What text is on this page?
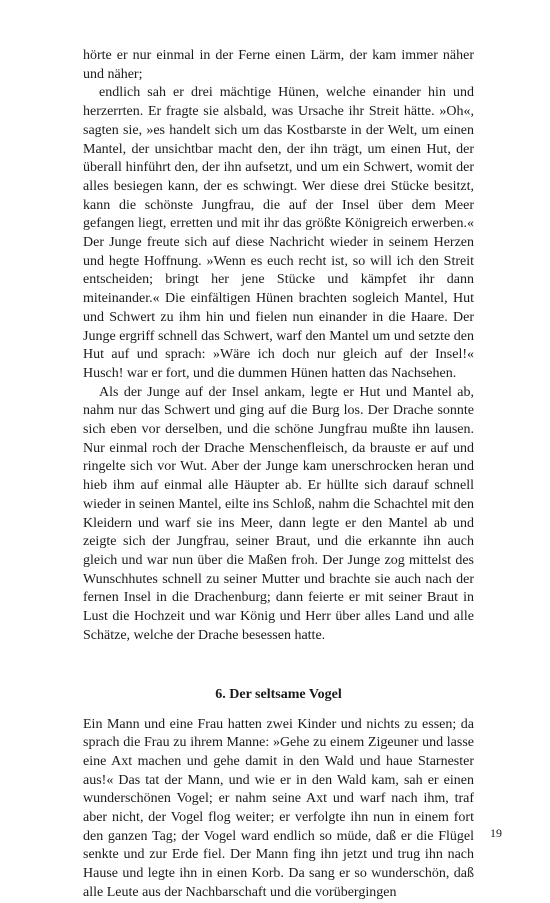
hörte er nur einmal in der Ferne einen Lärm, der kam immer näher und näher;

endlich sah er drei mächtige Hünen, welche einander hin und herzerrten. Er fragte sie alsbald, was Ursache ihr Streit hätte. »Oh«, sagten sie, »es handelt sich um das Kostbarste in der Welt, um einen Mantel, der unsichtbar macht den, der ihn trägt, um einen Hut, der überall hinführt den, der ihn aufsetzt, und um ein Schwert, womit der alles besiegen kann, der es schwingt. Wer diese drei Stücke besitzt, kann die schönste Jungfrau, die auf der Insel über dem Meer gefangen liegt, erretten und mit ihr das größte Königreich erwerben.« Der Junge freute sich auf diese Nachricht wieder in seinem Herzen und hegte Hoffnung. »Wenn es euch recht ist, so will ich den Streit entscheiden; bringt her jene Stücke und kämpfet ihr dann miteinander.« Die einfältigen Hünen brachten sogleich Mantel, Hut und Schwert zu ihm hin und fielen nun einander in die Haare. Der Junge ergriff schnell das Schwert, warf den Mantel um und setzte den Hut auf und sprach: »Wäre ich doch nur gleich auf der Insel!« Husch! war er fort, und die dummen Hünen hatten das Nachsehen.

Als der Junge auf der Insel ankam, legte er Hut und Mantel ab, nahm nur das Schwert und ging auf die Burg los. Der Drache sonnte sich eben vor derselben, und die schöne Jungfrau mußte ihn lausen. Nur einmal roch der Drache Menschenfleisch, da brauste er auf und ringelte sich vor Wut. Aber der Junge kam unerschrocken heran und hieb ihm auf einmal alle Häupter ab. Er hüllte sich darauf schnell wieder in seinen Mantel, eilte ins Schloß, nahm die Schachtel mit den Kleidern und warf sie ins Meer, dann legte er den Mantel ab und zeigte sich der Jungfrau, seiner Braut, und die erkannte ihn auch gleich und war nun über die Maßen froh. Der Junge zog mittelst des Wunschhutes schnell zu seiner Mutter und brachte sie auch nach der fernen Insel in die Drachenburg; dann feierte er mit seiner Braut in Lust die Hochzeit und war König und Herr über alles Land und alle Schätze, welche der Drache besessen hatte.

6. Der seltsame Vogel

Ein Mann und eine Frau hatten zwei Kinder und nichts zu essen; da sprach die Frau zu ihrem Manne: »Gehe zu einem Zigeuner und lasse eine Axt machen und gehe damit in den Wald und haue Starnester aus!« Das tat der Mann, und wie er in den Wald kam, sah er einen wunderschönen Vogel; er nahm seine Axt und warf nach ihm, traf aber nicht, der Vogel flog weiter; er verfolgte ihn nun in einem fort den ganzen Tag; der Vogel ward endlich so müde, daß er die Flügel senkte und zur Erde fiel. Der Mann fing ihn jetzt und trug ihn nach Hause und legte ihn in einen Korb. Da sang er so wunderschön, daß alle Leute aus der Nachbarschaft und die vorübergingen

19
